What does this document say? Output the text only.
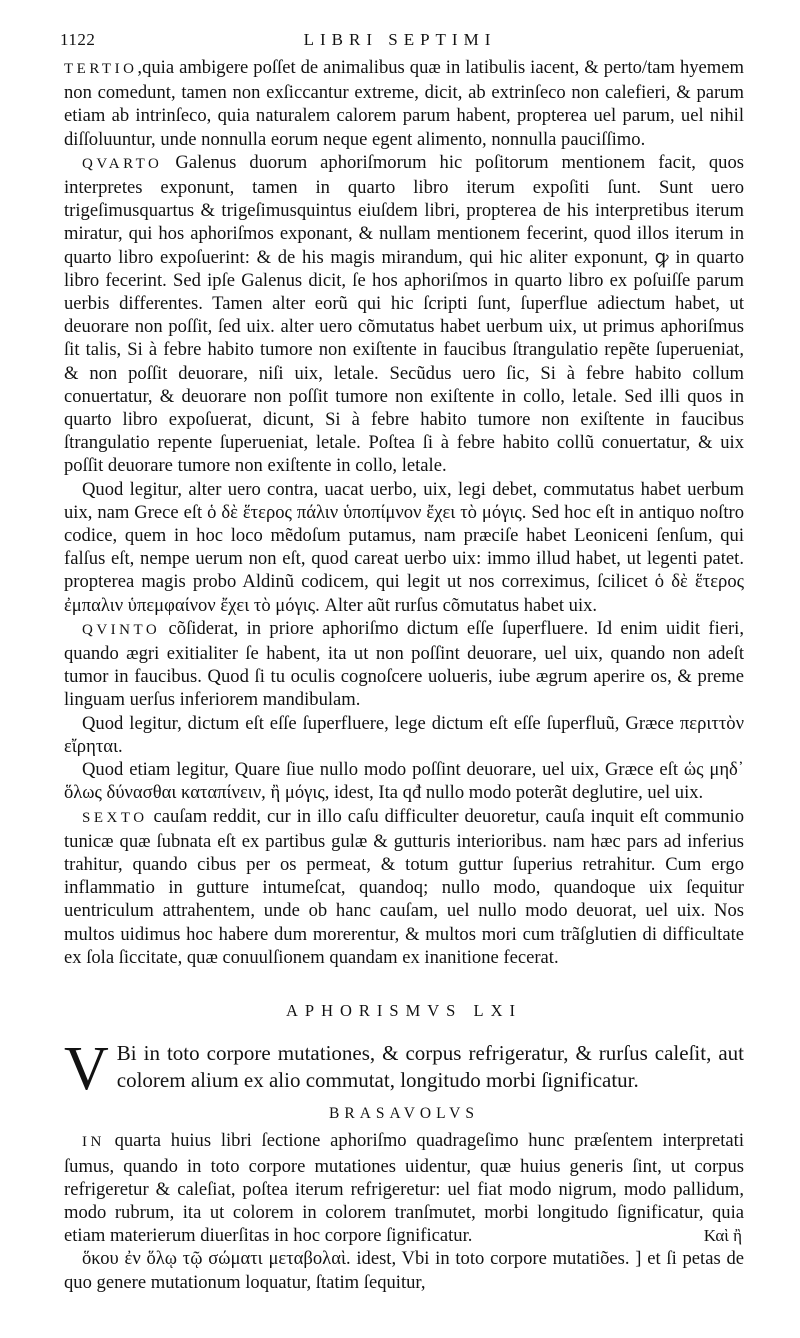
1122	LIBRI SEPTIMI

TERTIO,quia ambigere poſſet de animalibus quæ in latibulis iacent, & perto/tam hyemem non comedunt, tamen non exſiccantur extreme, dicit, ab extrinſeco non calefieri, & parum etiam ab intrinſeco, quia naturalem calorem parum habent, propterea uel parum, uel nihil diſſoluuntur, unde nonnulla eorum neque egent alimento, nonnulla pauciſſimo.

QVARTO Galenus duorum aphoriſmorum hic poſitorum mentionem facit, quos interpretes exponunt, tamen in quarto libro iterum expoſiti ſunt. Sunt uero trigeſimusquartus & trigeſimusquintus eiuſdem libri, propterea de his interpretibus iterum miratur, qui hos aphoriſmos exponant, & nullam mentionem fecerint, quod illos iterum in quarto libro expoſuerint: & de his magis mirandum, qui hic aliter exponunt, ꝙ in quarto libro fecerint. Sed ipſe Galenus dicit, ſe hos aphoriſmos in quarto libro ex poſuiſſe parum uerbis differentes. Tamen alter eorũ qui hic ſcripti ſunt, ſuperflue adiectum habet, ut deuorare non poſſit, ſed uix. alter uero cõmutatus habet uerbum uix, ut primus aphoriſmus ſit talis, Si à febre habito tumore non exiſtente in faucibus ſtrangulatio repẽte ſuperueniat, & non poſſit deuorare, niſi uix, letale. Secũdus uero ſic, Si à febre habito collum conuertatur, & deuorare non poſſit tumore non exiſtente in collo, letale. Sed illi quos in quarto libro expoſuerat, dicunt, Si à febre habito tumore non exiſtente in faucibus ſtrangulatio repente ſuperueniat, letale. Poſtea ſi à febre habito collũ conuertatur, & uix poſſit deuorare tumore non exiſtente in collo, letale.

Quod legitur, alter uero contra, uacat uerbo, uix, legi debet, commutatus habet uerbum uix, nam Grece eſt ὁ δὲ ἕτερος πάλιν ὑποπίμνον ἔχει τὸ μόγις. Sed hoc eſt in antiquo noſtro codice, quem in hoc loco mẽdoſum putamus, nam præciſe habet Leoniceni ſenſum, qui falſus eſt, nempe uerum non eſt, quod careat uerbo uix: immo illud habet, ut legenti patet. propterea magis probo Aldinũ codicem, qui legit ut nos correximus, ſcilicet ὁ δὲ ἕτερος ἐμπαλιν ὑπεμφαίνον ἔχει τὸ μόγις. Alter aũt rurſus cõmutatus habet uix.

QVINTO cõſiderat, in priore aphoriſmo dictum eſſe ſuperfluere. Id enim uidit fieri, quando ægri exitialiter ſe habent, ita ut non poſſint deuorare, uel uix, quando non adeſt tumor in faucibus. Quod ſi tu oculis cognoſcere uolueris, iube ægrum aperire os, & preme linguam uerſus inferiorem mandibulam.

Quod legitur, dictum eſt eſſe ſuperfluere, lege dictum eſt eſſe ſuperfluũ, Græce περιττὸν εἴρηται.

Quod etiam legitur, Quare ſiue nullo modo poſſint deuorare, uel uix, Græce eſt ὡς μηδ᾽ ὅλως δύνασθαι καταπίνειν, ἢ μόγις, idest, Ita qđ nullo modo poterãt deglutire, uel uix.

SEXTO cauſam reddit, cur in illo caſu difficulter deuoretur, cauſa inquit eſt communio tunicæ quæ ſubnata eſt ex partibus gulæ & gutturis interioribus. nam hæc pars ad inferius trahitur, quando cibus per os permeat, & totum guttur ſuperius retrahitur. Cum ergo inflammatio in gutture intumeſcat, quandoq; nullo modo, quandoque uix ſequitur uentriculum attrahentem, unde ob hanc cauſam, uel nullo modo deuorat, uel uix. Nos multos uidimus hoc habere dum morerentur, & multos mori cum trãſglutien di difficultate ex ſola ſiccitate, quæ conuulſionem quandam ex inanitione fecerat.

APHORISMVS LXI

V Bi in toto corpore mutationes, & corpus refrigeratur, & rurſus caleſit, aut colorem alium ex alio commutat, longitudo morbi ſignificatur.

BRASAVOLVS

IN quarta huius libri ſectione aphoriſmo quadrageſimo hunc præſentem interpretati ſumus, quando in toto corpore mutationes uidentur, quæ huius generis ſint, ut corpus refrigeretur & caleſiat, poſtea iterum refrigeretur: uel fiat modo nigrum, modo pallidum, modo rubrum, ita ut colorem in colorem tranſmutet, morbi longitudo ſignificatur, quia etiam materierum diuerſitas in hoc corpore ſignificatur.

ὅκου ἐν ὅλῳ τῷ σώματι μεταβολαὶ. idest, Vbi in toto corpore mutatiões. ] et ſi petas de quo genere mutationum loquatur, ſtatim ſequitur,

Καὶ ἢ
